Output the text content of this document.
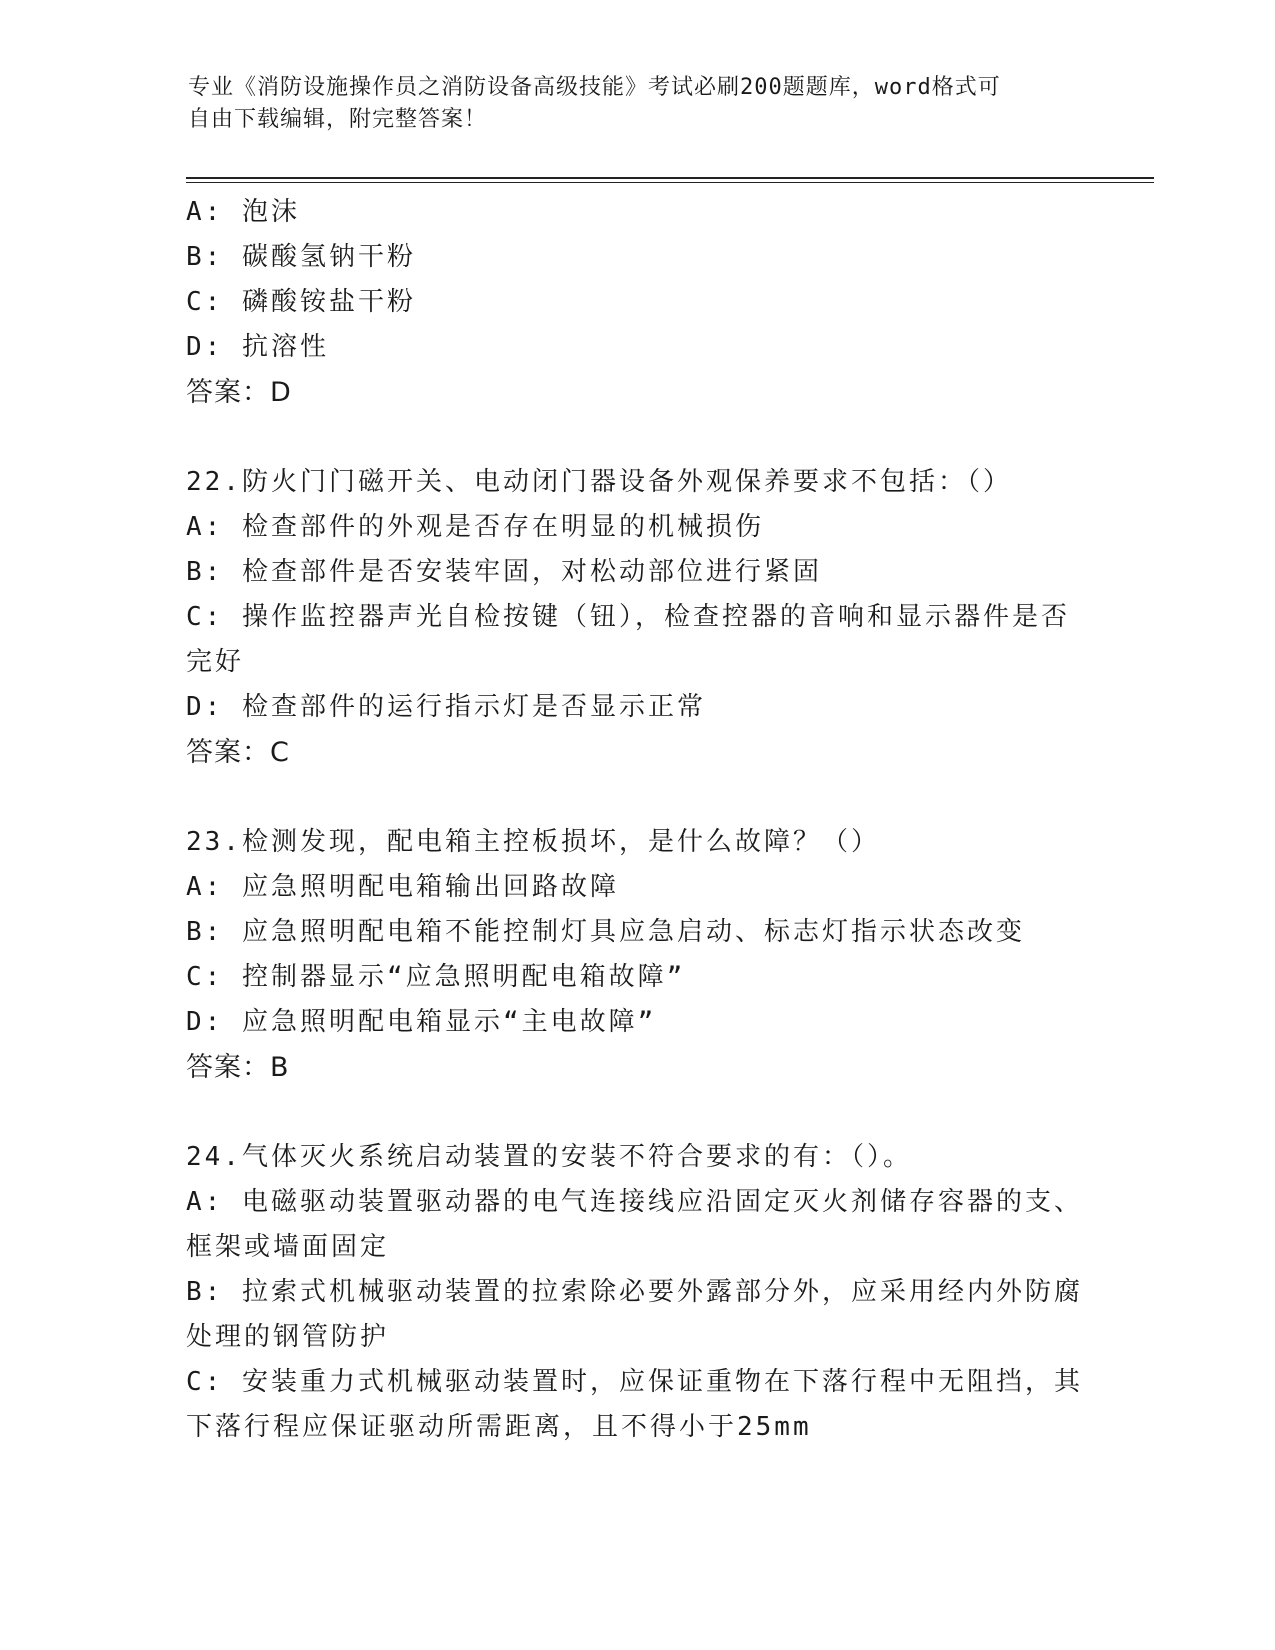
专业《消防设施操作员之消防设备高级技能》考试必刷200题题库，word格式可
自由下载编辑，附完整答案！
A: 泡沫
B: 碳酸氢钠干粉
C: 磷酸铵盐干粉
D: 抗溶性
答案：D
22.防火门门磁开关、电动闭门器设备外观保养要求不包括：（）
A: 检查部件的外观是否存在明显的机械损伤
B: 检查部件是否安装牢固，对松动部位进行紧固
C: 操作监控器声光自检按键（钮），检查控器的音响和显示器件是否
完好
D: 检查部件的运行指示灯是否显示正常
答案：C
23.检测发现，配电箱主控板损坏，是什么故障？（）
A: 应急照明配电箱输出回路故障
B: 应急照明配电箱不能控制灯具应急启动、标志灯指示状态改变
C: 控制器显示“应急照明配电箱故障”
D: 应急照明配电箱显示“主电故障”
答案：B
24.气体灭火系统启动装置的安装不符合要求的有：（）。
A: 电磁驱动装置驱动器的电气连接线应沿固定灭火剂储存容器的支、
框架或墙面固定
B: 拉索式机械驱动装置的拉索除必要外露部分外，应采用经内外防腐
处理的钢管防护
C: 安装重力式机械驱动装置时，应保证重物在下落行程中无阻挡，其
下落行程应保证驱动所需距离，且不得小于25mm
